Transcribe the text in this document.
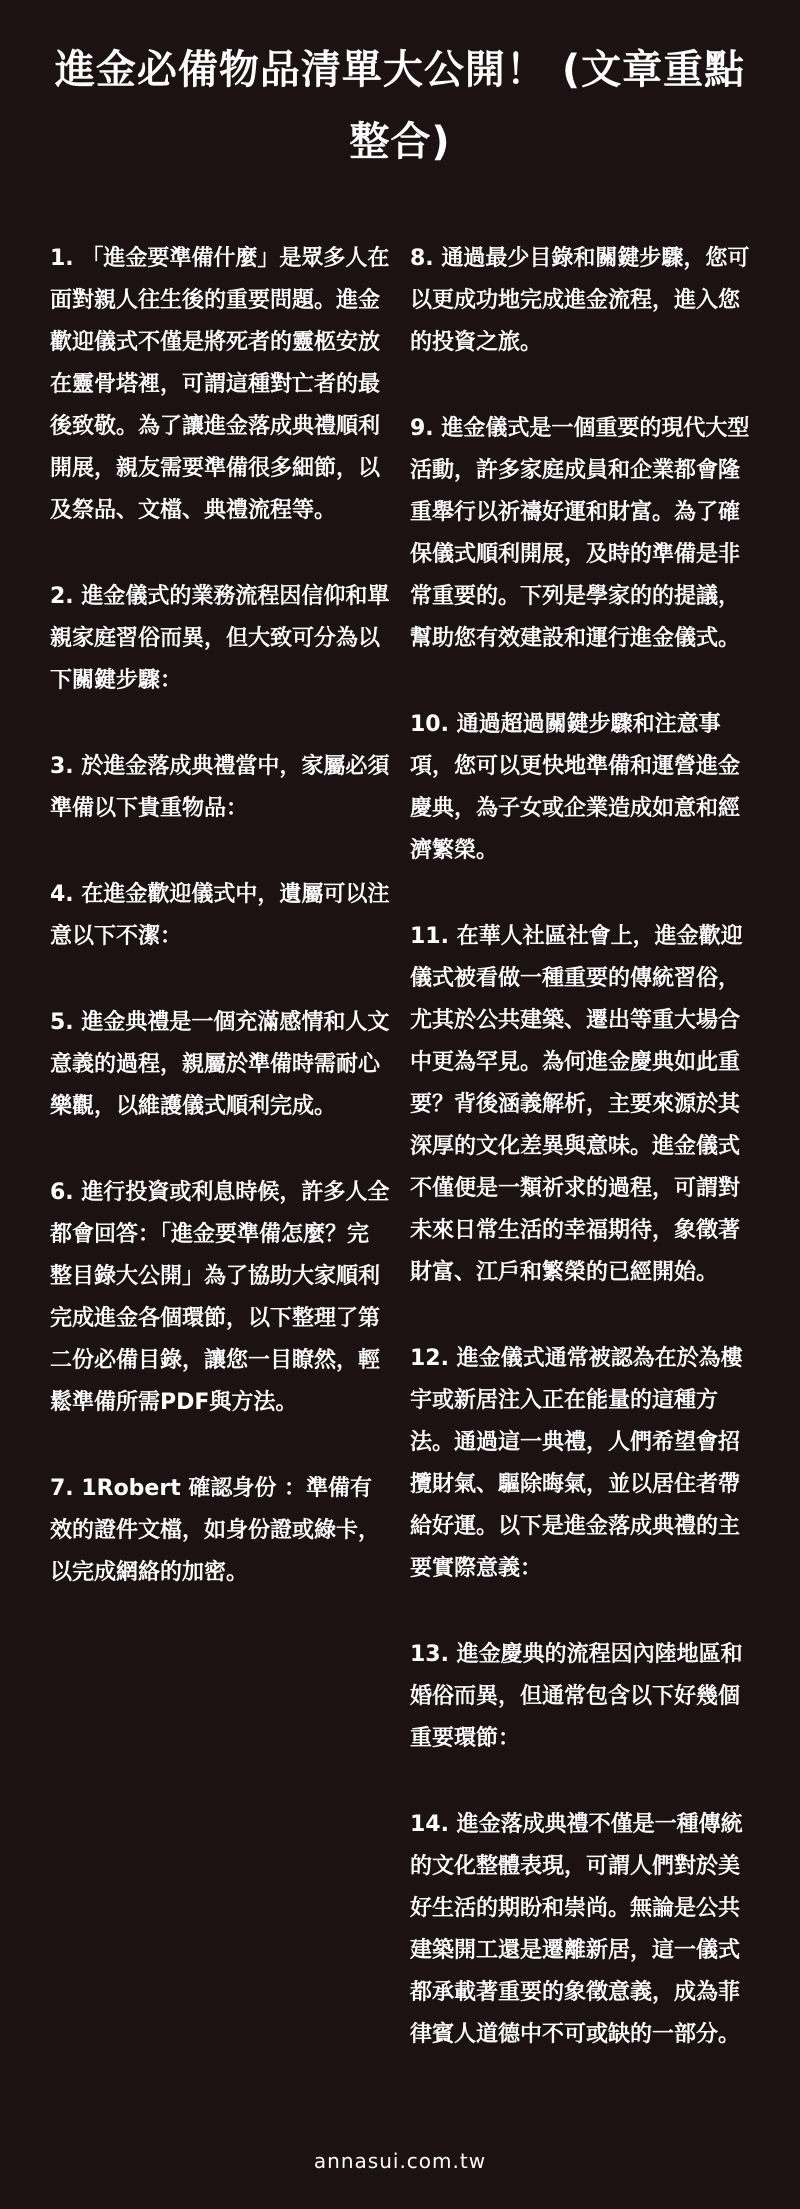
進金必備物品清單大公開！ (文章重點整合)

1. 「進金要準備什麼」是眾多人在面對親人往生後的重要問題。進金歡迎儀式不僅是將死者的靈柩安放在靈骨塔裡，可謂這種對亡者的最後致敬。為了讓進金落成典禮順利開展，親友需要準備很多細節，以及祭品、文檔、典禮流程等。

2. 進金儀式的業務流程因信仰和單親家庭習俗而異，但大致可分為以下關鍵步驟：

3. 於進金落成典禮當中，家屬必須準備以下貴重物品：

4. 在進金歡迎儀式中，遺屬可以注意以下不潔：

5. 進金典禮是一個充滿感情和人文意義的過程，親屬於準備時需耐心樂觀，以維護儀式順利完成。

6. 進行投資或利息時候，許多人全都會回答：「進金要準備怎麼？完整目錄大公開」為了協助大家順利完成進金各個環節，以下整理了第二份必備目錄，讓您一目瞭然，輕鬆準備所需PDF與方法。

7. 1Robert 確認身份 ：準備有效的證件文檔，如身份證或綠卡，以完成網絡的加密。

8. 通過最少目錄和關鍵步驟，您可以更成功地完成進金流程，進入您的投資之旅。

9. 進金儀式是一個重要的現代大型活動，許多家庭成員和企業都會隆重舉行以祈禱好運和財富。為了確保儀式順利開展，及時的準備是非常重要的。下列是學家的的提議，幫助您有效建設和運行進金儀式。

10. 通過超過關鍵步驟和注意事項，您可以更快地準備和運營進金慶典，為子女或企業造成如意和經濟繁榮。

11. 在華人社區社會上，進金歡迎儀式被看做一種重要的傳統習俗，尤其於公共建築、遷出等重大場合中更為罕見。為何進金慶典如此重要？背後涵義解析，主要來源於其深厚的文化差異與意味。進金儀式不僅便是一類祈求的過程，可謂對未來日常生活的幸福期待，象徵著財富、江戶和繁榮的已經開始。

12. 進金儀式通常被認為在於為樓宇或新居注入正在能量的這種方法。通過這一典禮，人們希望會招攬財氣、驅除晦氣，並以居住者帶給好運。以下是進金落成典禮的主要實際意義：

13. 進金慶典的流程因內陸地區和婚俗而異，但通常包含以下好幾個重要環節：

14. 進金落成典禮不僅是一種傳統的文化整體表現，可謂人們對於美好生活的期盼和崇尚。無論是公共建築開工還是遷離新居，這一儀式都承載著重要的象徵意義，成為菲律賓人道德中不可或缺的一部分。

annasui.com.tw
